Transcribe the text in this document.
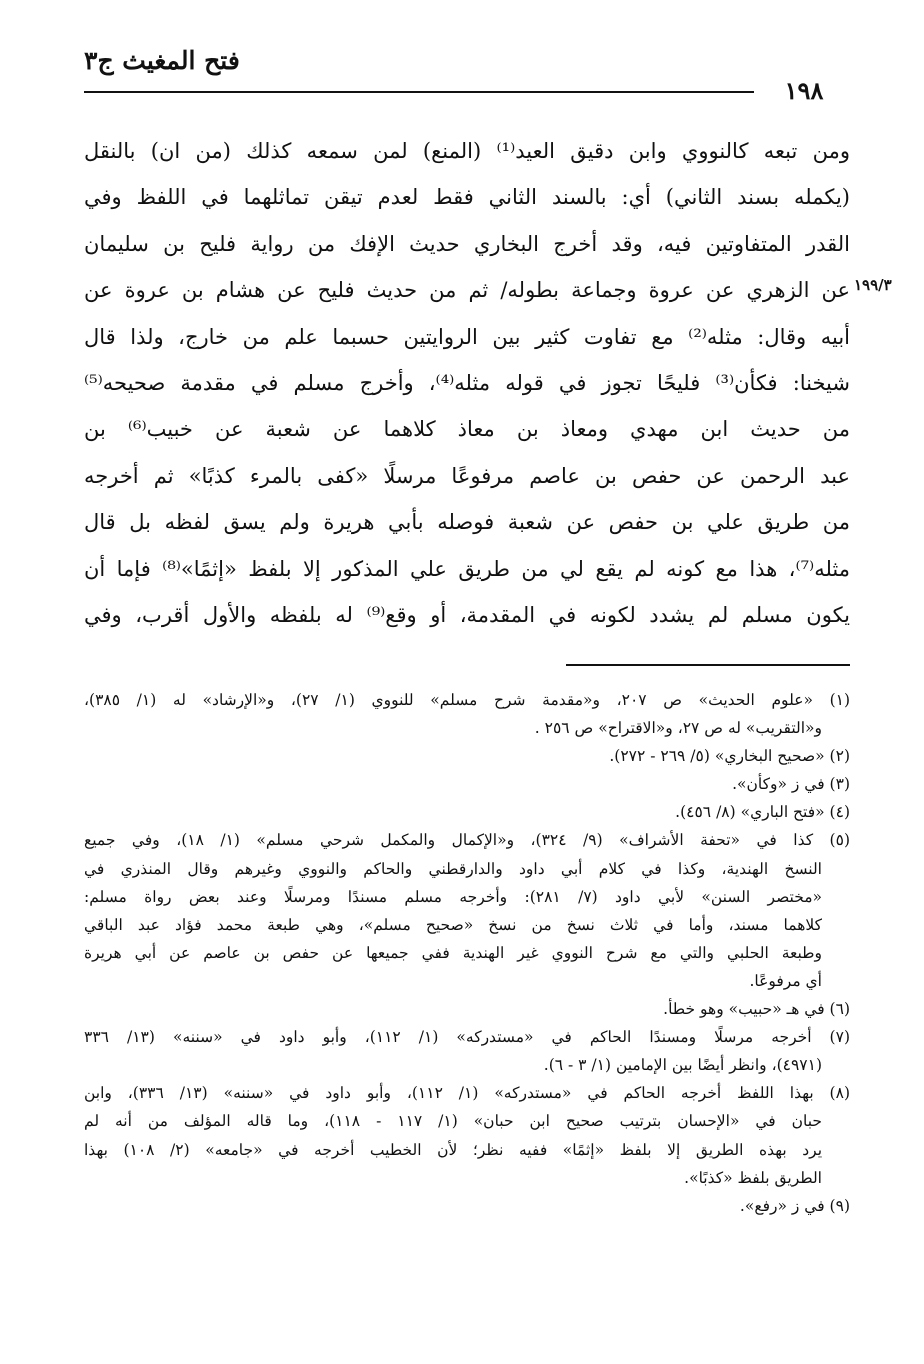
فتح المغيث ج٣
١٩٨
١٩٩/٣
ومن تبعه كالنووي وابن دقيق العيد⁽¹⁾ (المنع) لمن سمعه كذلك (من ان) بالنقل
(يكمله بسند الثاني) أي: بالسند الثاني فقط لعدم تيقن تماثلهما في اللفظ وفي
القدر المتفاوتين فيه، وقد أخرج البخاري حديث الإفك من رواية فليح بن سليمان
عن الزهري عن عروة وجماعة بطوله/ ثم من حديث فليح عن هشام بن عروة عن
أبيه وقال: مثله⁽²⁾ مع تفاوت كثير بين الروايتين حسبما علم من خارج، ولذا قال
شيخنا: فكأن⁽³⁾ فليحًا تجوز في قوله مثله⁽⁴⁾، وأخرج مسلم في مقدمة صحيحه⁽⁵⁾
من حديث ابن مهدي ومعاذ بن معاذ كلاهما عن شعبة عن خبيب⁽⁶⁾ بن
عبد الرحمن عن حفص بن عاصم مرفوعًا مرسلًا «كفى بالمرء كذبًا» ثم أخرجه
من طريق علي بن حفص عن شعبة فوصله بأبي هريرة ولم يسق لفظه بل قال
مثله⁽⁷⁾، هذا مع كونه لم يقع لي من طريق علي المذكور إلا بلفظ «إثمًا»⁽⁸⁾ فإما أن
يكون مسلم لم يشدد لكونه في المقدمة، أو وقع⁽⁹⁾ له بلفظه والأول أقرب، وفي
(١) «علوم الحديث» ص ٢٠٧، و«مقدمة شرح مسلم» للنووي (١/ ٢٧)، و«الإرشاد» له (١/ ٣٨٥)،
و«التقريب» له ص ٢٧، و«الاقتراح» ص ٢٥٦ .
(٢) «صحيح البخاري» (٥/ ٢٦٩ - ٢٧٢).
(٣) في ز «وكأن».
(٤) «فتح الباري» (٨/ ٤٥٦).
(٥) كذا في «تحفة الأشراف» (٩/ ٣٢٤)، و«الإكمال والمكمل شرحي مسلم» (١/ ١٨)، وفي جميع
النسخ الهندية، وكذا في كلام أبي داود والدارقطني والحاكم والنووي وغيرهم وقال المنذري في
«مختصر السنن» لأبي داود (٧/ ٢٨١): وأخرجه مسلم مسندًا ومرسلًا وعند بعض رواة مسلم:
كلاهما مسند، وأما في ثلاث نسخ من نسخ «صحيح مسلم»، وهي طبعة محمد فؤاد عبد الباقي
وطبعة الحلبي والتي مع شرح النووي غير الهندية ففي جميعها عن حفص بن عاصم عن أبي هريرة
أي مرفوعًا.
(٦) في هـ «حبيب» وهو خطأ.
(٧) أخرجه مرسلًا ومسندًا الحاكم في «مستدركه» (١/ ١١٢)، وأبو داود في «سننه» (١٣/ ٣٣٦
(٤٩٧١)، وانظر أيضًا بين الإمامين (١/ ٣ - ٦).
(٨) بهذا اللفظ أخرجه الحاكم في «مستدركه» (١/ ١١٢)، وأبو داود في «سننه» (١٣/ ٣٣٦)، وابن
حبان في «الإحسان بترتيب صحيح ابن حبان» (١/ ١١٧ - ١١٨)، وما قاله المؤلف من أنه لم
يرد بهذه الطريق إلا بلفظ «إثمًا» ففيه نظر؛ لأن الخطيب أخرجه في «جامعه» (٢/ ١٠٨) بهذا
الطريق بلفظ «كذبًا».
(٩) في ز «رفع».
